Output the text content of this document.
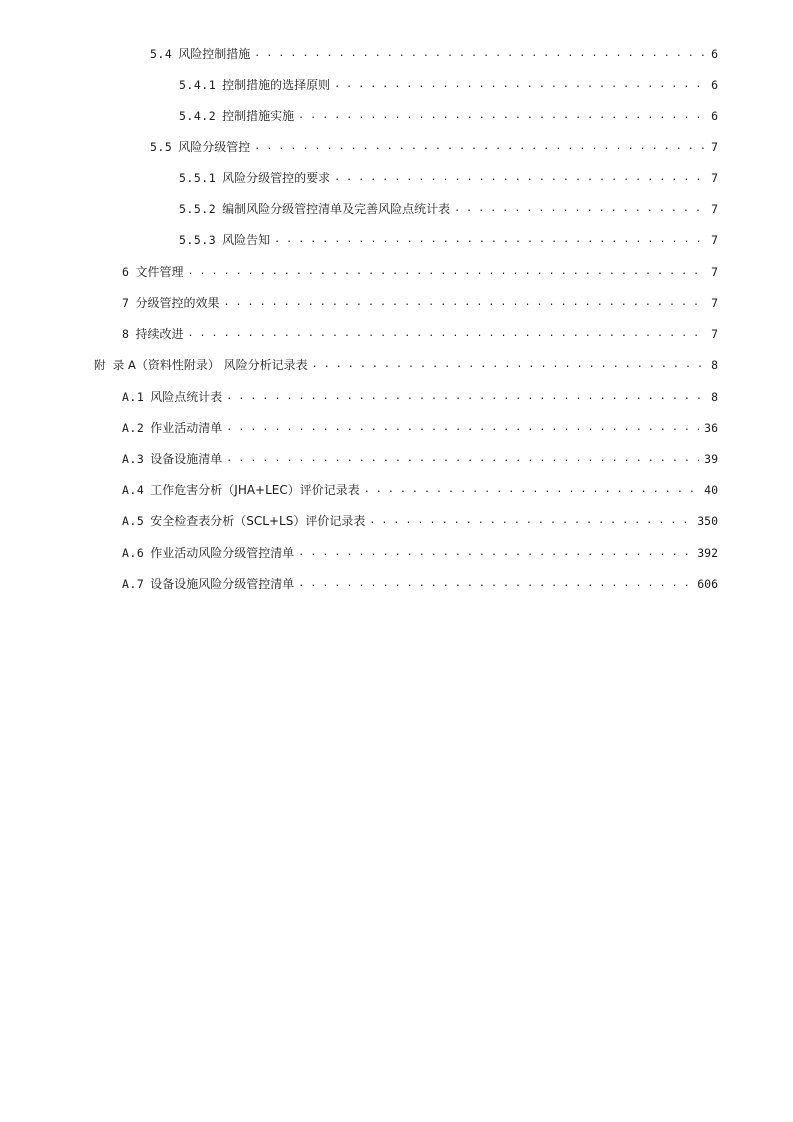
5.4 风险控制措施 . . .	6
5.4.1 控制措施的选择原则 . . .	6
5.4.2 控制措施实施 . . .	6
5.5 风险分级管控 . . .	7
5.5.1 风险分级管控的要求 . . .	7
5.5.2 编制风险分级管控清单及完善风险点统计表 . . .	7
5.5.3 风险告知 . . .	7
6 文件管理 . . .	7
7 分级管控的效果 . . .	7
8 持续改进 . . .	7
附  录 A （资料性附录） 风险分析记录表 . . .	8
A.1 风险点统计表 . . .	8
A.2 作业活动清单 . . .	36
A.3 设备设施清单 . . .	39
A.4 工作危害分析（JHA+LEC）评价记录表 . . .	40
A.5 安全检查表分析（SCL+LS）评价记录表 . . .	350
A.6 作业活动风险分级管控清单 . . .	392
A.7 设备设施风险分级管控清单 . . .	606
